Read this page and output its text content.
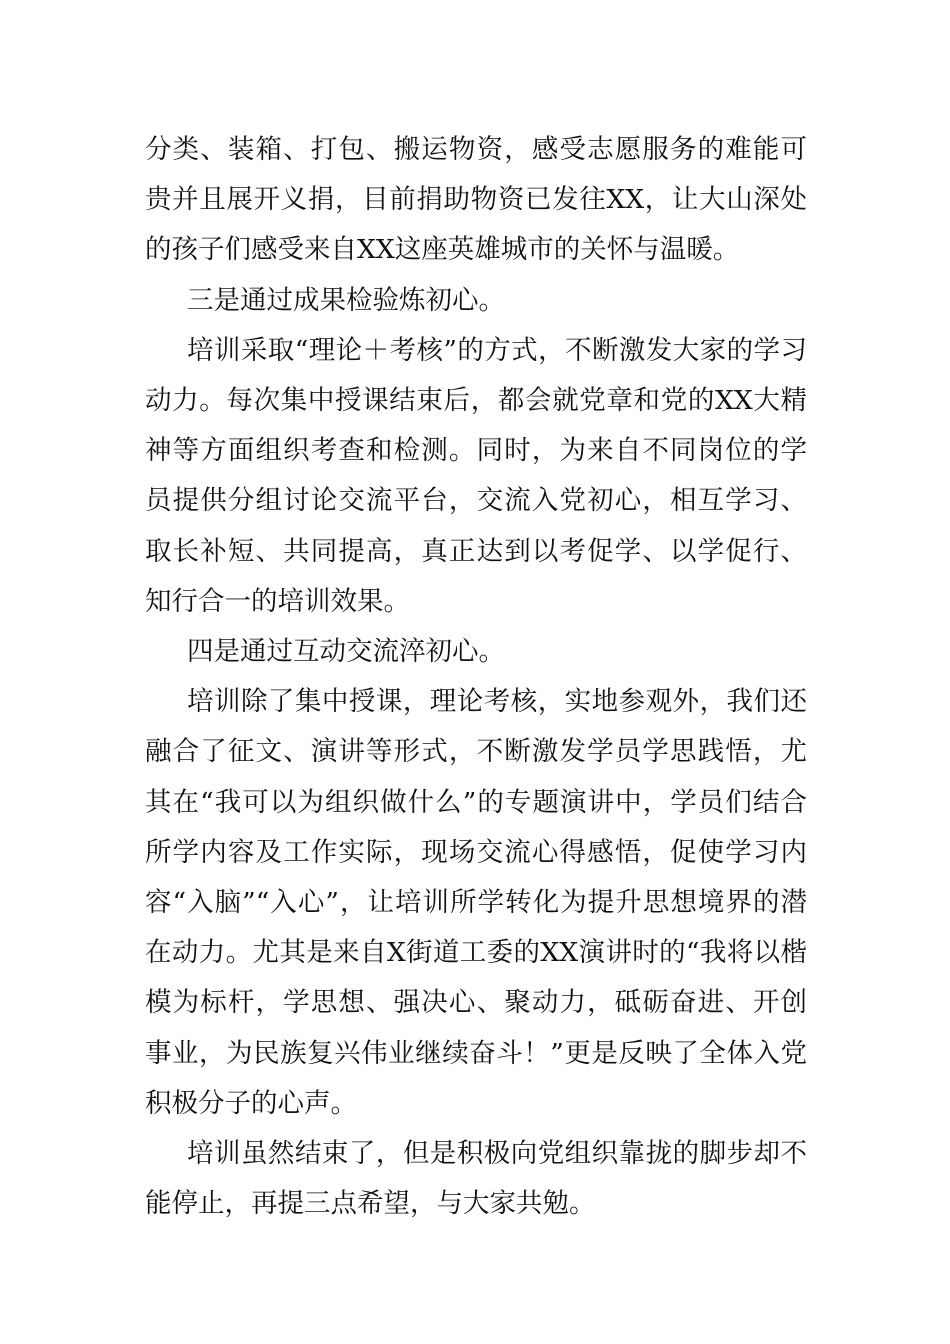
分类、装箱、打包、搬运物资，感受志愿服务的难能可贵并且展开义捐，目前捐助物资已发往XX，让大山深处的孩子们感受来自XX这座英雄城市的关怀与温暖。

三是通过成果检验炼初心。

培训采取“理论＋考核”的方式，不断激发大家的学习动力。每次集中授课结束后，都会就党章和党的XX大精神等方面组织考查和检测。同时，为来自不同岗位的学员提供分组讨论交流平台，交流入党初心，相互学习、取长补短、共同提高，真正达到以考促学、以学促行、知行合一的培训效果。

四是通过互动交流淬初心。

培训除了集中授课，理论考核，实地参观外，我们还融合了征文、演讲等形式，不断激发学员学思践悟，尤其在“我可以为组织做什么”的专题演讲中，学员们结合所学内容及工作实际，现场交流心得感悟，促使学习内容“入脑”“入心”，让培训所学转化为提升思想境界的潜在动力。尤其是来自X街道工委的XX演讲时的“我将以楷模为标杆，学思想、强决心、聚动力，砥砺奋进、开创事业，为民族复兴伟业继续奋斗！”更是反映了全体入党积极分子的心声。

培训虽然结束了，但是积极向党组织靠拢的脚步却不能停止，再提三点希望，与大家共勉。
